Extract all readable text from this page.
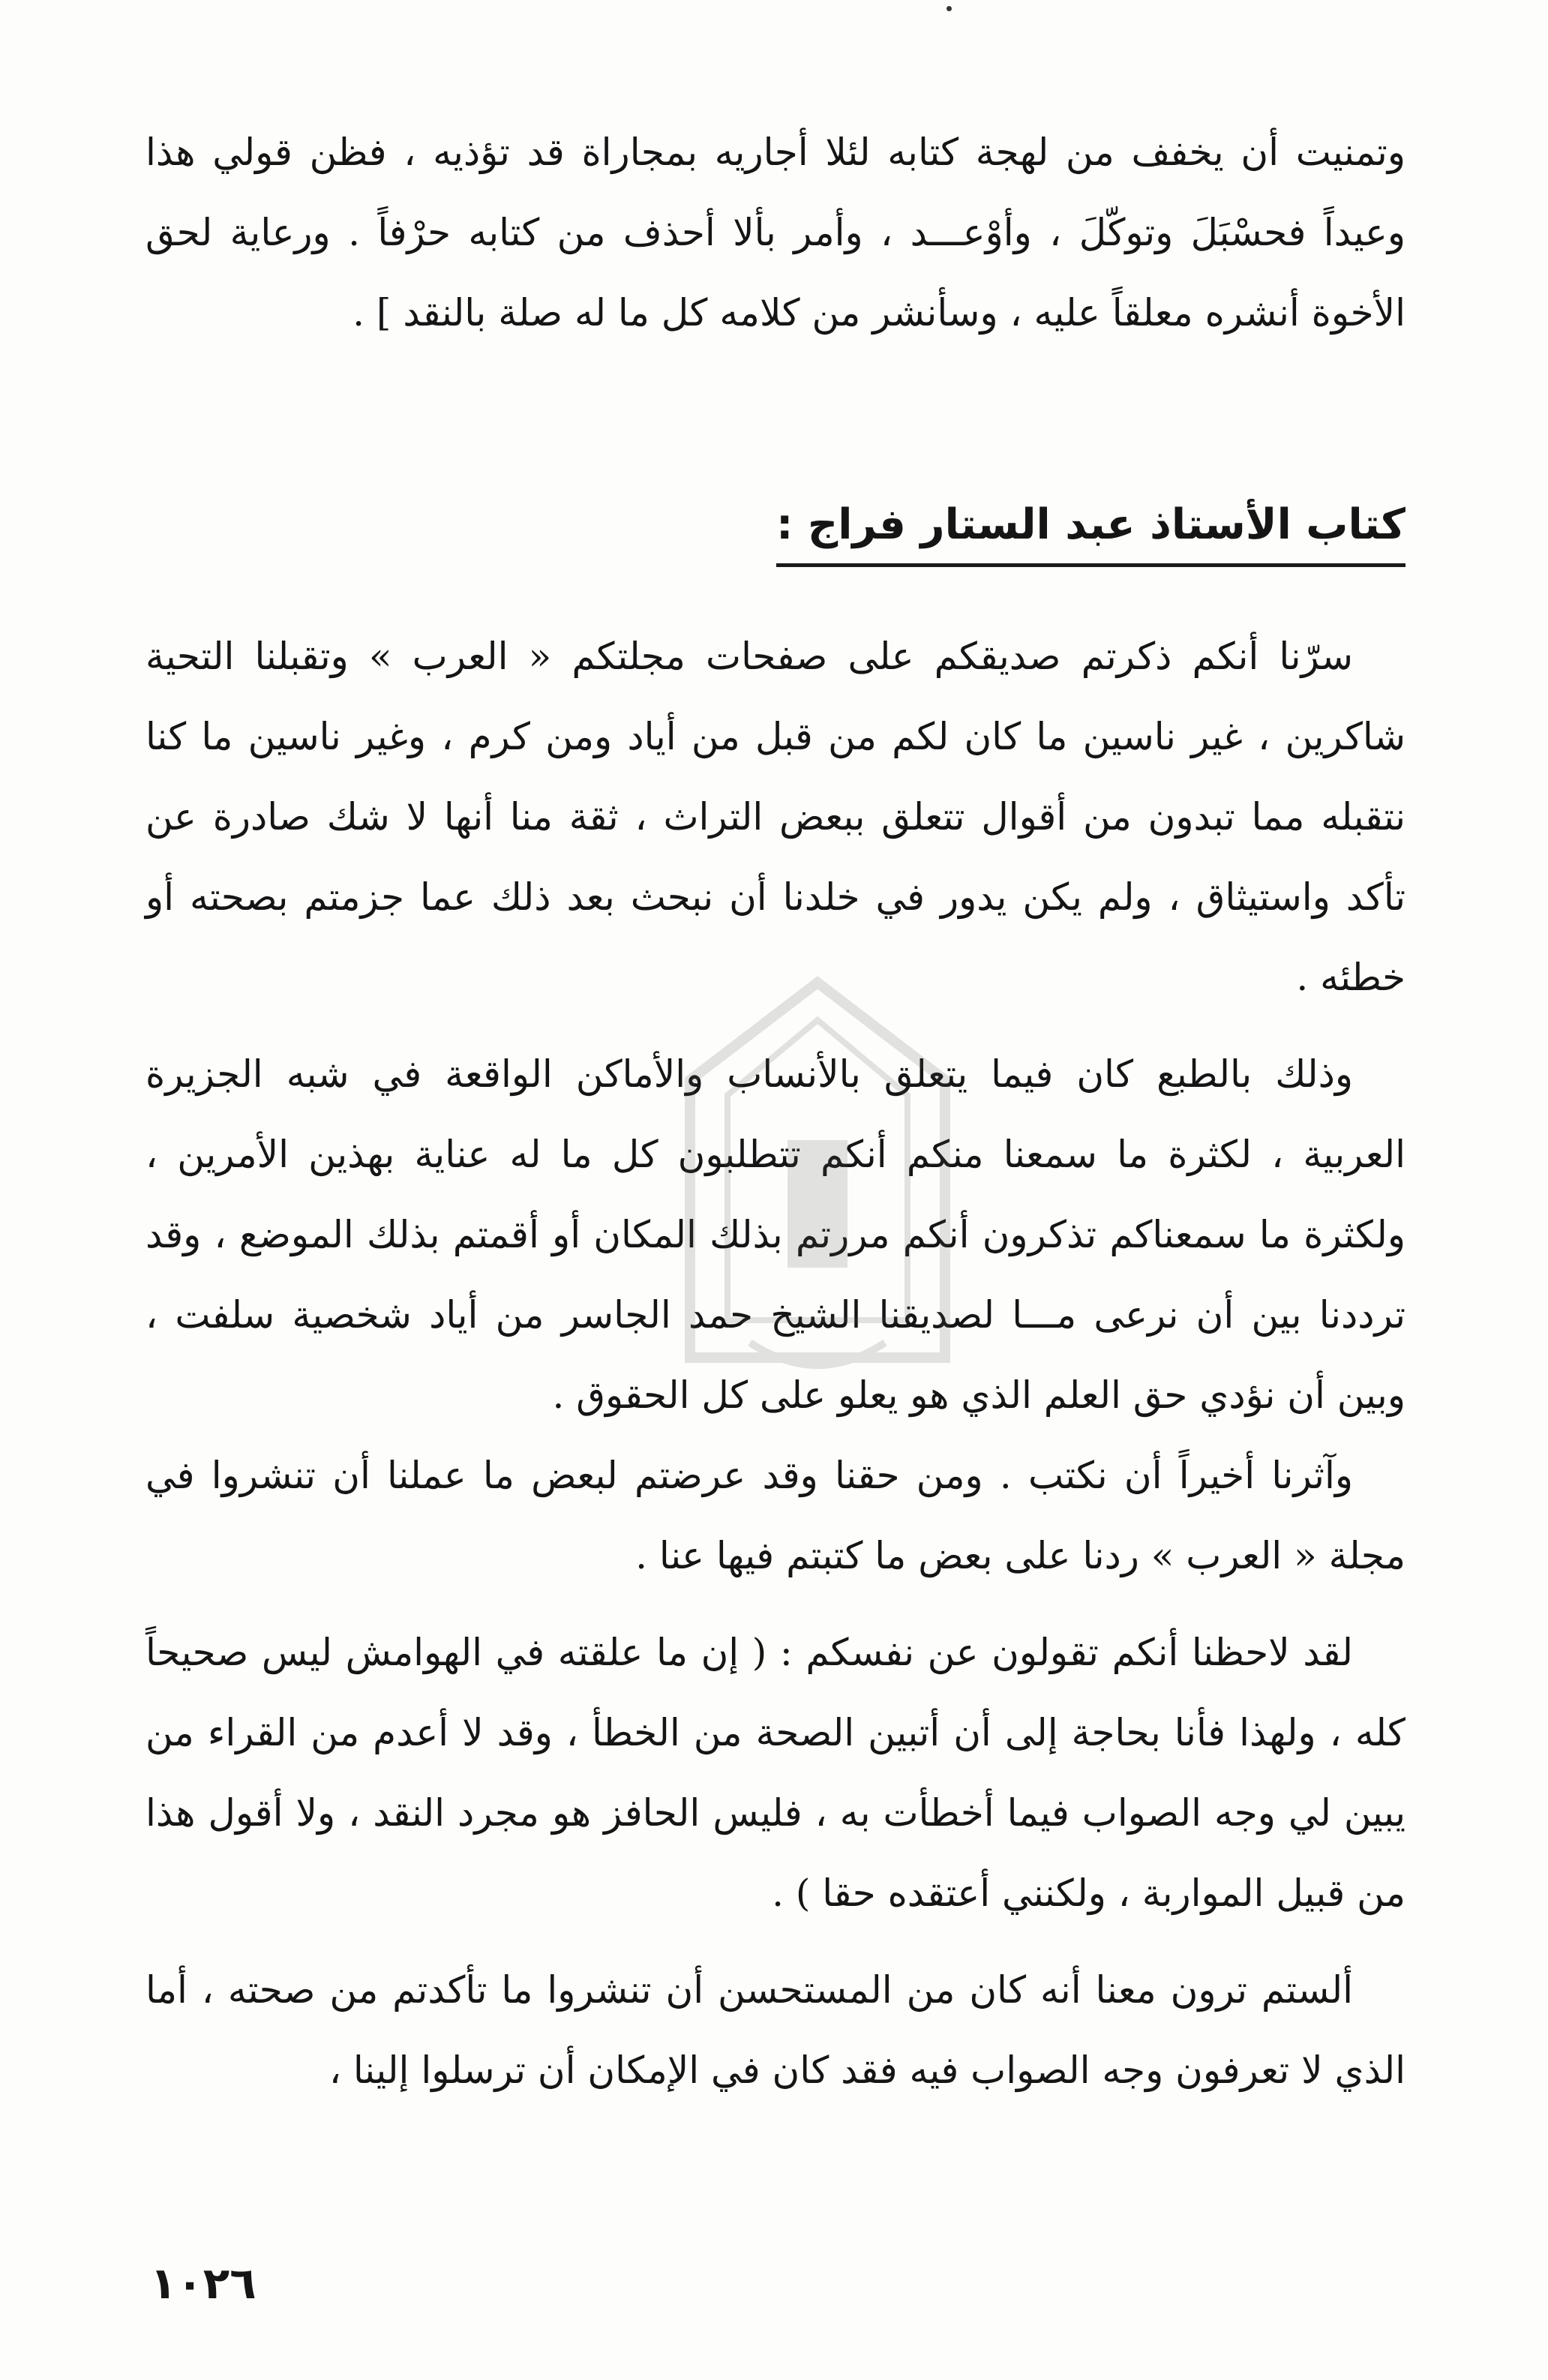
وتمنيت أن يخفف من لهجة كتابه لئلا أجاريه بمجاراة قد تؤذيه ، فظن قولي هذا وعيداً فحسْبَلَ وتوكّلَ ، وأوْعـــد ، وأمر بألا أحذف من كتابه حرْفاً . ورعاية لحق الأخوة أنشره معلقاً عليه ، وسأنشر من كلامه كل ما له صلة بالنقد ] .

كتاب الأستاذ عبد الستار فراج :

سرّنا أنكم ذكرتم صديقكم على صفحات مجلتكم « العرب » وتقبلنا التحية شاكرين ، غير ناسين ما كان لكم من قبل من أياد ومن كرم ، وغير ناسين ما كنا نتقبله مما تبدون من أقوال تتعلق ببعض التراث ، ثقة منا أنها لا شك صادرة عن تأكد واستيثاق ، ولم يكن يدور في خلدنا أن نبحث بعد ذلك عما جزمتم بصحته أو خطئه .

وذلك بالطبع كان فيما يتعلق بالأنساب والأماكن الواقعة في شبه الجزيرة العربية ، لكثرة ما سمعنا منكم أنكم تتطلبون كل ما له عناية بهذين الأمرين ، ولكثرة ما سمعناكم تذكرون أنكم مررتم بذلك المكان أو أقمتم بذلك الموضع ، وقد ترددنا بين أن نرعى مـــا لصديقنا الشيخ حمد الجاسر من أياد شخصية سلفت ، وبين أن نؤدي حق العلم الذي هو يعلو على كل الحقوق .

وآثرنا أخيراً أن نكتب . ومن حقنا وقد عرضتم لبعض ما عملنا أن تنشروا في مجلة « العرب » ردنا على بعض ما كتبتم فيها عنا .

لقد لاحظنا أنكم تقولون عن نفسكم : ( إن ما علقته في الهوامش ليس صحيحاً كله ، ولهذا فأنا بحاجة إلى أن أتبين الصحة من الخطأ ، وقد لا أعدم من القراء من يبين لي وجه الصواب فيما أخطأت به ، فليس الحافز هو مجرد النقد ، ولا أقول هذا من قبيل المواربة ، ولكنني أعتقده حقا ) .

ألستم ترون معنا أنه كان من المستحسن أن تنشروا ما تأكدتم من صحته ، أما الذي لا تعرفون وجه الصواب فيه فقد كان في الإمكان أن ترسلوا إلينا ،

١٠٢٦
